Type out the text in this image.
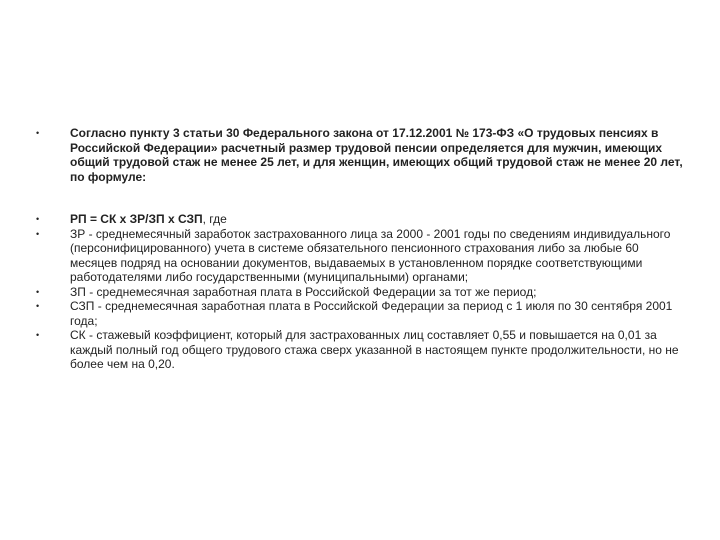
•	Согласно пункту 3 статьи 30 Федерального закона от 17.12.2001 № 173-ФЗ «О трудовых пенсиях в Российской Федерации» расчетный размер трудовой пенсии определяется для мужчин, имеющих общий трудовой стаж не менее 25 лет, и для женщин, имеющих общий трудовой стаж не менее 20 лет, по формуле:
•	РП = СК x ЗР/ЗП x СЗП, где
•	ЗР - среднемесячный заработок застрахованного лица за 2000 - 2001 годы по сведениям индивидуального (персонифицированного) учета в системе обязательного пенсионного страхования либо за любые 60 месяцев подряд на основании документов, выдаваемых в установленном порядке соответствующими работодателями либо государственными (муниципальными) органами;
•	ЗП - среднемесячная заработная плата в Российской Федерации за тот же период;
•	СЗП - среднемесячная заработная плата в Российской Федерации за период с 1 июля по 30 сентября 2001 года;
•	СК - стажевый коэффициент, который для застрахованных лиц составляет 0,55 и повышается на 0,01 за каждый полный год общего трудового стажа сверх указанной в настоящем пункте продолжительности, но не более чем на 0,20.
